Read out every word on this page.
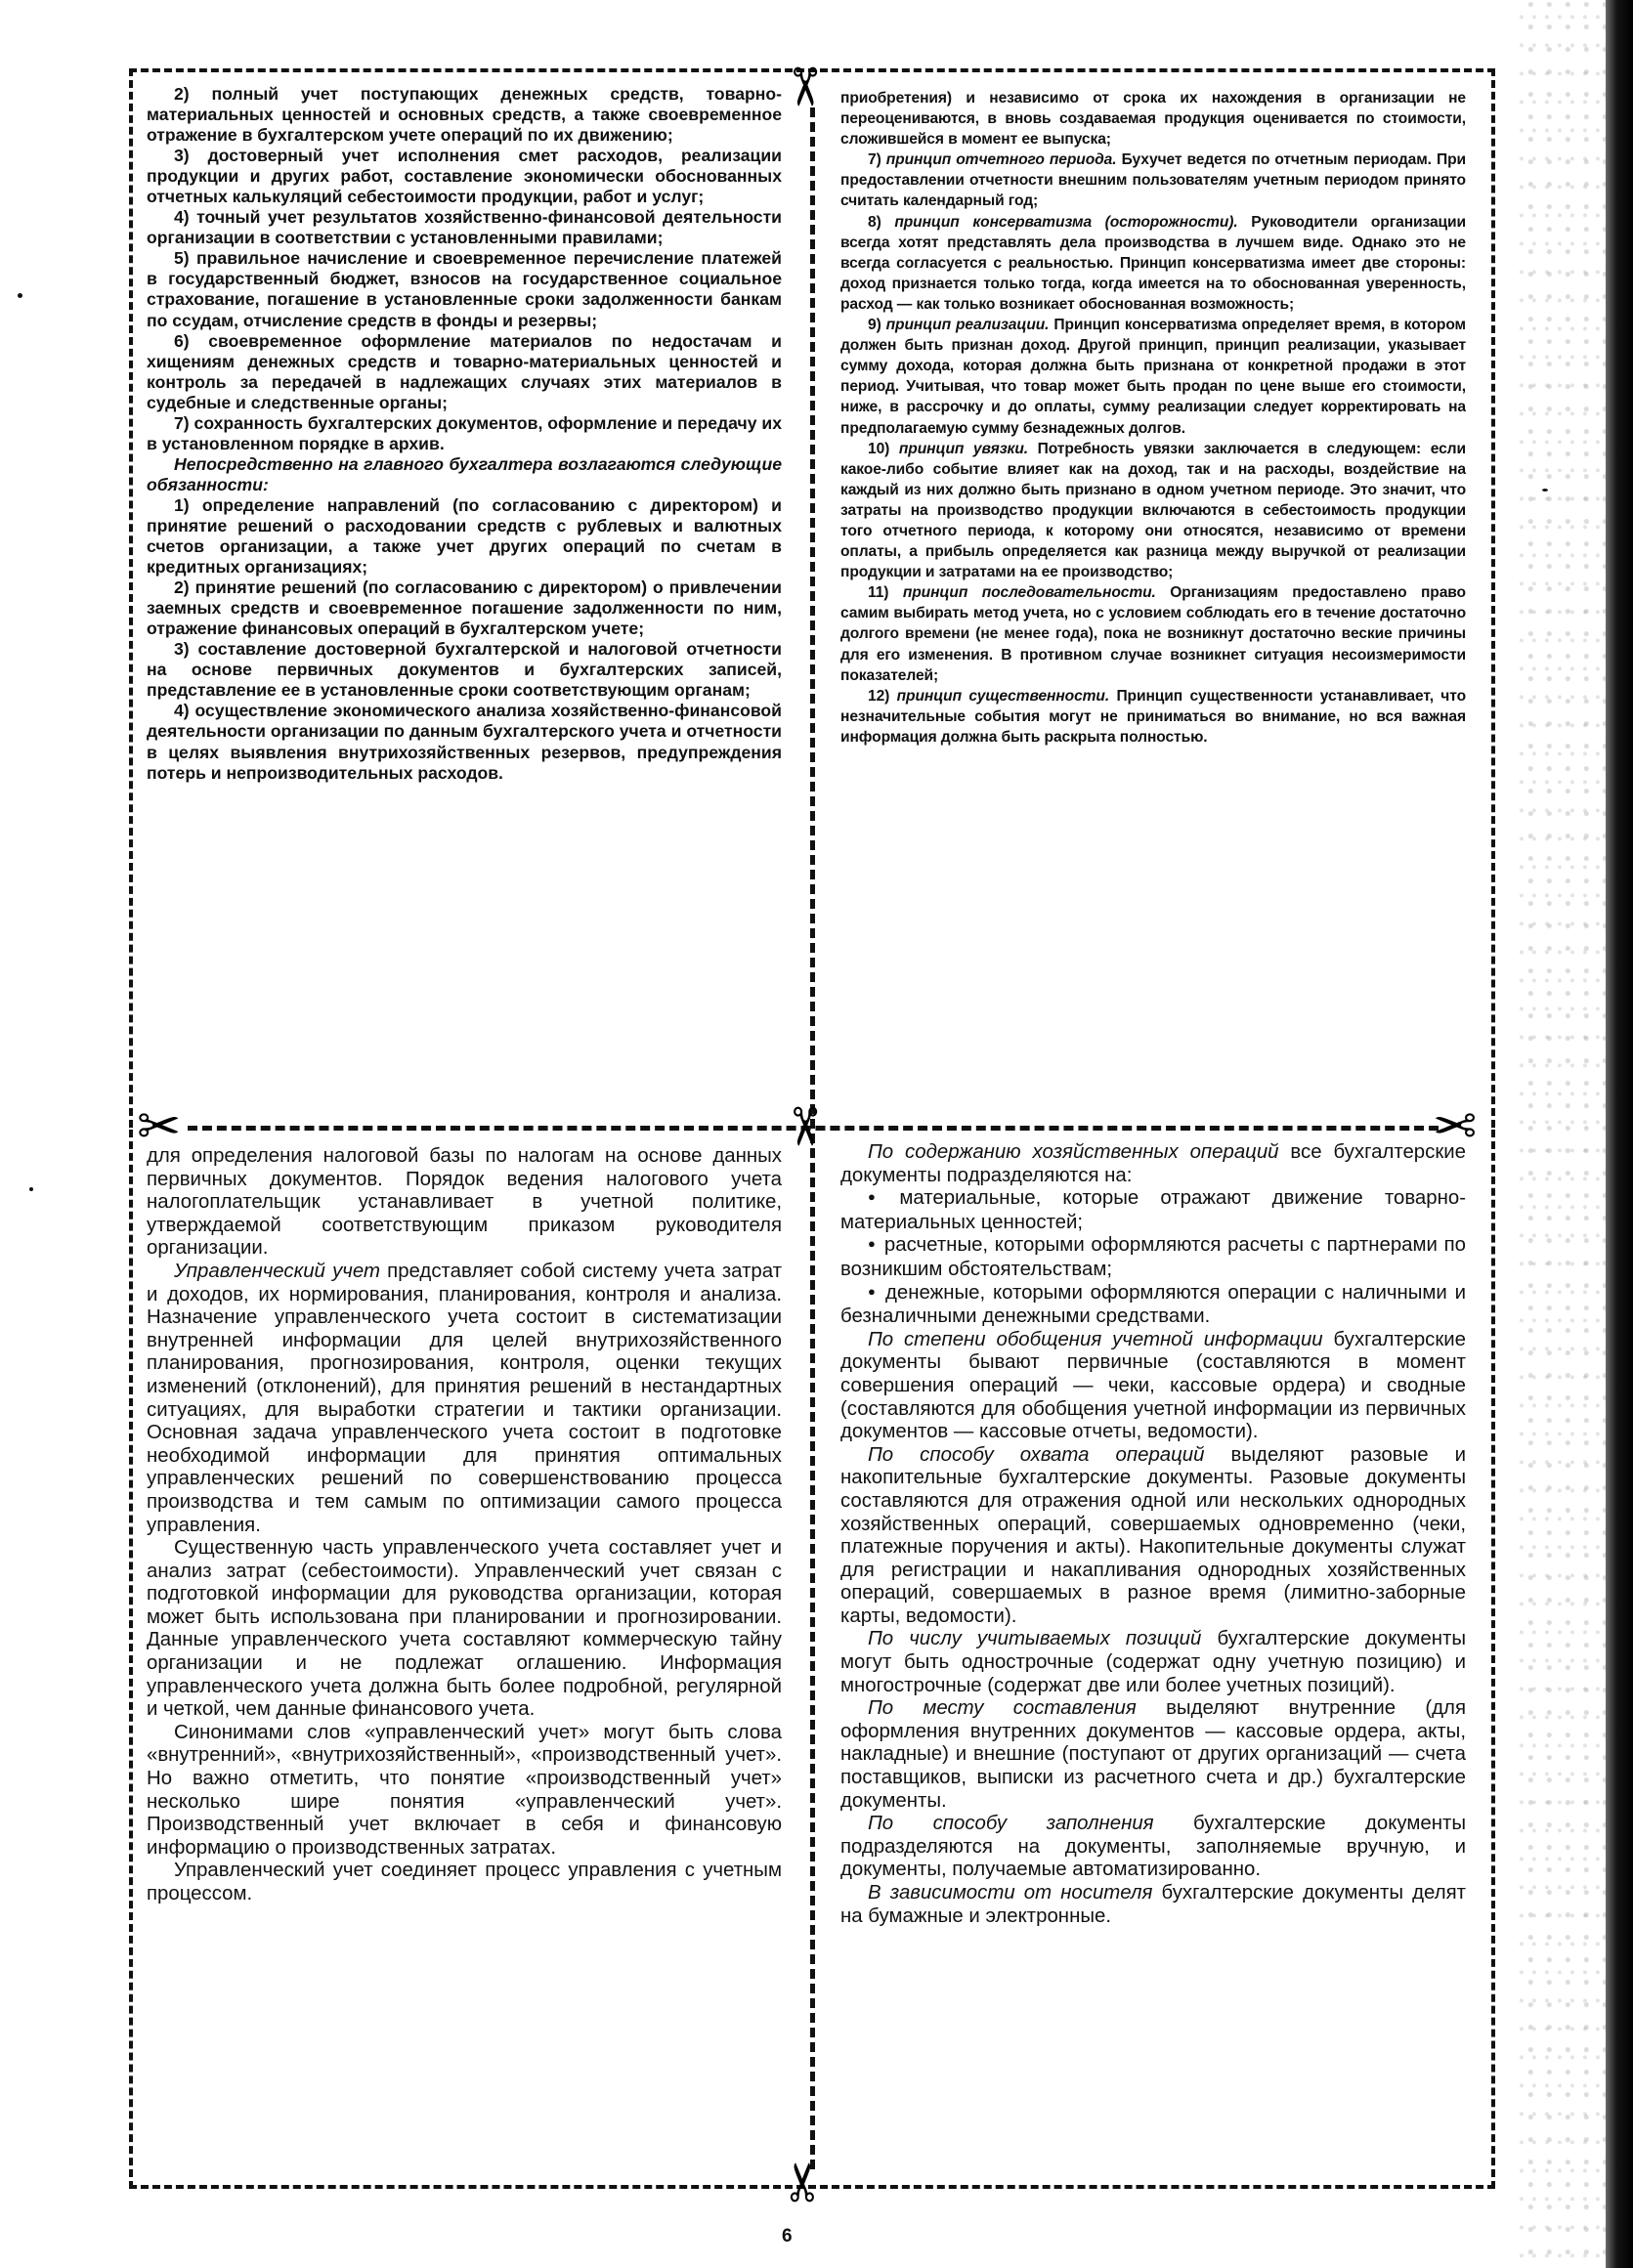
✂
✂	✂	✂
✂

2) полный учет поступающих денежных средств, товарно-материальных ценностей и основных средств, а также своевременное отражение в бухгалтерском учете операций по их движению;

3) достоверный учет исполнения смет расходов, реализации продукции и других работ, составление экономически обоснованных отчетных калькуляций себестоимости продукции, работ и услуг;

4) точный учет результатов хозяйственно-финансовой деятельности организации в соответствии с установленными правилами;

5) правильное начисление и своевременное перечисление платежей в государственный бюджет, взносов на государственное социальное страхование, погашение в установленные сроки задолженности банкам по ссудам, отчисление средств в фонды и резервы;

6) своевременное оформление материалов по недостачам и хищениям денежных средств и товарно-материальных ценностей и контроль за передачей в надлежащих случаях этих материалов в судебные и следственные органы;

7) сохранность бухгалтерских документов, оформление и передачу их в установленном порядке в архив.

Непосредственно на главного бухгалтера возлагаются следующие обязанности:

1) определение направлений (по согласованию с директором) и принятие решений о расходовании средств с рублевых и валютных счетов организации, а также учет других операций по счетам в кредитных организациях;

2) принятие решений (по согласованию с директором) о привлечении заемных средств и своевременное погашение задолженности по ним, отражение финансовых операций в бухгалтерском учете;

3) составление достоверной бухгалтерской и налоговой отчетности на основе первичных документов и бухгалтерских записей, представление ее в установленные сроки соответствующим органам;

4) осуществление экономического анализа хозяйственно-финансовой деятельности организации по данным бухгалтерского учета и отчетности в целях выявления внутрихозяйственных резервов, предупреждения потерь и непроизводительных расходов.

приобретения) и независимо от срока их нахождения в организации не переоцениваются, в вновь создаваемая продукция оценивается по стоимости, сложившейся в момент ее выпуска;

7) принцип отчетного периода. Бухучет ведется по отчетным периодам. При предоставлении отчетности внешним пользователям учетным периодом принято считать календарный год;

8) принцип консерватизма (осторожности). Руководители организации всегда хотят представлять дела производства в лучшем виде. Однако это не всегда согласуется с реальностью. Принцип консерватизма имеет две стороны: доход признается только тогда, когда имеется на то обоснованная уверенность, расход — как только возникает обоснованная возможность;

9) принцип реализации. Принцип консерватизма определяет время, в котором должен быть признан доход. Другой принцип, принцип реализации, указывает сумму дохода, которая должна быть признана от конкретной продажи в этот период. Учитывая, что товар может быть продан по цене выше его стоимости, ниже, в рассрочку и до оплаты, сумму реализации следует корректировать на предполагаемую сумму безнадежных долгов.

10) принцип увязки. Потребность увязки заключается в следующем: если какое-либо событие влияет как на доход, так и на расходы, воздействие на каждый из них должно быть признано в одном учетном периоде. Это значит, что затраты на производство продукции включаются в себестоимость продукции того отчетного периода, к которому они относятся, независимо от времени оплаты, а прибыль определяется как разница между выручкой от реализации продукции и затратами на ее производство;

11) принцип последовательности. Организациям предоставлено право самим выбирать метод учета, но с условием соблюдать его в течение достаточно долгого времени (не менее года), пока не возникнут достаточно веские причины для его изменения. В противном случае возникнет ситуация несоизмеримости показателей;

12) принцип существенности. Принцип существенности устанавливает, что незначительные события могут не приниматься во внимание, но вся важная информация должна быть раскрыта полностью.

для определения налоговой базы по налогам на основе данных первичных документов. Порядок ведения налогового учета налогоплательщик устанавливает в учетной политике, утверждаемой соответствующим приказом руководителя организации.

Управленческий учет представляет собой систему учета затрат и доходов, их нормирования, планирования, контроля и анализа. Назначение управленческого учета состоит в систематизации внутренней информации для целей внутрихозяйственного планирования, прогнозирования, контроля, оценки текущих изменений (отклонений), для принятия решений в нестандартных ситуациях, для выработки стратегии и тактики организации. Основная задача управленческого учета состоит в подготовке необходимой информации для принятия оптимальных управленческих решений по совершенствованию процесса производства и тем самым по оптимизации самого процесса управления.

Существенную часть управленческого учета составляет учет и анализ затрат (себестоимости). Управленческий учет связан с подготовкой информации для руководства организации, которая может быть использована при планировании и прогнозировании. Данные управленческого учета составляют коммерческую тайну организации и не подлежат оглашению. Информация управленческого учета должна быть более подробной, регулярной и четкой, чем данные финансового учета.

Синонимами слов «управленческий учет» могут быть слова «внутренний», «внутрихозяйственный», «производственный учет». Но важно отметить, что понятие «производственный учет» несколько шире понятия «управленческий учет». Производственный учет включает в себя и финансовую информацию о производственных затратах.

Управленческий учет соединяет процесс управления с учетным процессом.

По содержанию хозяйственных операций все бухгалтерские документы подразделяются на:

● материальные, которые отражают движение товарно-материальных ценностей;

● расчетные, которыми оформляются расчеты с партнерами по возникшим обстоятельствам;

● денежные, которыми оформляются операции с наличными и безналичными денежными средствами.

По степени обобщения учетной информации бухгалтерские документы бывают первичные (составляются в момент совершения операций — чеки, кассовые ордера) и сводные (составляются для обобщения учетной информации из первичных документов — кассовые отчеты, ведомости).

По способу охвата операций выделяют разовые и накопительные бухгалтерские документы. Разовые документы составляются для отражения одной или нескольких однородных хозяйственных операций, совершаемых одновременно (чеки, платежные поручения и акты). Накопительные документы служат для регистрации и накапливания однородных хозяйственных операций, совершаемых в разное время (лимитно-заборные карты, ведомости).

По числу учитываемых позиций бухгалтерские документы могут быть однострочные (содержат одну учетную позицию) и многострочные (содержат две или более учетных позиций).

По месту составления выделяют внутренние (для оформления внутренних документов — кассовые ордера, акты, накладные) и внешние (поступают от других организаций — счета поставщиков, выписки из расчетного счета и др.) бухгалтерские документы.

По способу заполнения бухгалтерские документы подразделяются на документы, заполняемые вручную, и документы, получаемые автоматизированно.

В зависимости от носителя бухгалтерские документы делят на бумажные и электронные.

6
